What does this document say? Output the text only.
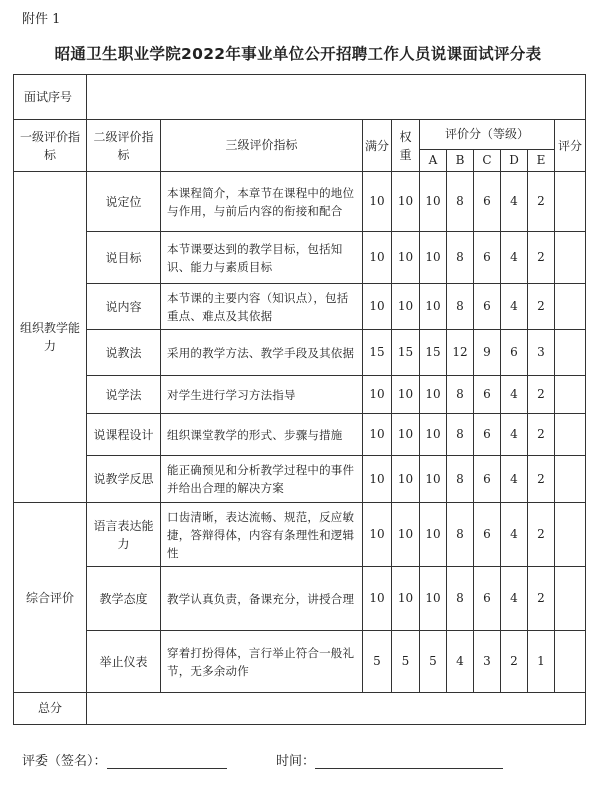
附件 1
昭通卫生职业学院2022年事业单位公开招聘工作人员说课面试评分表
面试序号										
一级评价指标	二级评价指标	三级评价指标	满分	权重	评价分（等级）					评分
					A	B	C	D	E	
组织教学能力	说定位	本课程简介，本章节在课程中的地位与作用，与前后内容的衔接和配合	10	10	10	8	6	4	2	
	说目标	本节课要达到的教学目标，包括知识、能力与素质目标	10	10	10	8	6	4	2	
	说内容	本节课的主要内容（知识点），包括重点、难点及其依据	10	10	10	8	6	4	2	
	说教法	采用的教学方法、教学手段及其依据	15	15	15	12	9	6	3	
	说学法	对学生进行学习方法指导	10	10	10	8	6	4	2	
	说课程设计	组织课堂教学的形式、步骤与措施	10	10	10	8	6	4	2	
	说教学反思	能正确预见和分析教学过程中的事件并给出合理的解决方案	10	10	10	8	6	4	2	
综合评价	语言表达能力	口齿清晰，表达流畅、规范，反应敏捷，答辩得体，内容有条理性和逻辑性	10	10	10	8	6	4	2	
	教学态度	教学认真负责，备课充分，讲授合理	10	10	10	8	6	4	2	
	举止仪表	穿着打扮得体，言行举止符合一般礼节，无多余动作	5	5	5	4	3	2	1	
总分										
评委（签名）：	时间：
